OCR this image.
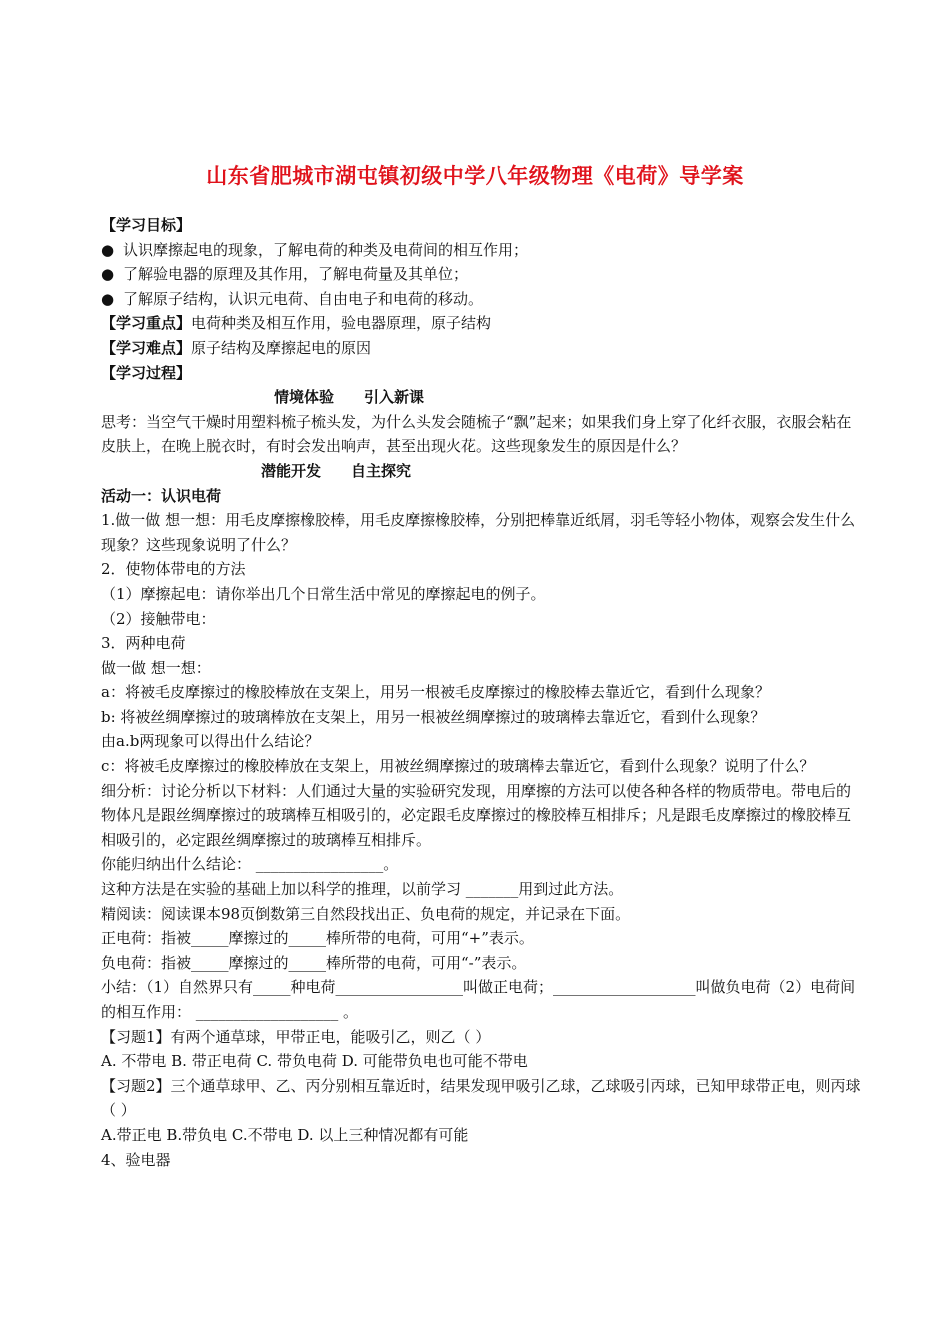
山东省肥城市湖屯镇初级中学八年级物理《电荷》导学案
【学习目标】
● 认识摩擦起电的现象，了解电荷的种类及电荷间的相互作用；
● 了解验电器的原理及其作用，了解电荷量及其单位；
● 了解原子结构，认识元电荷、自由电子和电荷的移动。
【学习重点】电荷种类及相互作用，验电器原理，原子结构
【学习难点】原子结构及摩擦起电的原因
【学习过程】
情境体验 引入新课
思考：当空气干燥时用塑料梳子梳头发，为什么头发会随梳子“飘”起来；如果我们身上穿了化纤衣服，衣服会粘在皮肤上，在晚上脱衣时，有时会发出响声，甚至出现火花。这些现象发生的原因是什么？
潜能开发 自主探究
活动一：认识电荷
1.做一做 想一想：用毛皮摩擦橡胶棒，用毛皮摩擦橡胶棒，分别把棒靠近纸屑，羽毛等轻小物体，观察会发生什么现象？这些现象说明了什么？
2．使物体带电的方法
（1）摩擦起电：请你举出几个日常生活中常见的摩擦起电的例子。
（2）接触带电：
3．两种电荷
做一做 想一想：
a：将被毛皮摩擦过的橡胶棒放在支架上，用另一根被毛皮摩擦过的橡胶棒去靠近它，看到什么现象？
b: 将被丝绸摩擦过的玻璃棒放在支架上，用另一根被丝绸摩擦过的玻璃棒去靠近它，看到什么现象？
由a.b两现象可以得出什么结论？
c：将被毛皮摩擦过的橡胶棒放在支架上，用被丝绸摩擦过的玻璃棒去靠近它，看到什么现象？说明了什么？
细分析：讨论分析以下材料：人们通过大量的实验研究发现，用摩擦的方法可以使各种各样的物质带电。带电后的物体凡是跟丝绸摩擦过的玻璃棒互相吸引的，必定跟毛皮摩擦过的橡胶棒互相排斥；凡是跟毛皮摩擦过的橡胶棒互相吸引的，必定跟丝绸摩擦过的玻璃棒互相排斥。
你能归纳出什么结论： _________________。
这种方法是在实验的基础上加以科学的推理，以前学习 _______用到过此方法。
精阅读：阅读课本98页倒数第三自然段找出正、负电荷的规定，并记录在下面。
正电荷：指被_____摩擦过的_____棒所带的电荷，可用“+”表示。
负电荷：指被_____摩擦过的_____棒所带的电荷，可用“-”表示。
小结：（1）自然界只有_____种电荷_________________叫做正电荷；___________________叫做负电荷（2）电荷间的相互作用： ___________________ 。
【习题1】有两个通草球，甲带正电，能吸引乙，则乙（ ）
A. 不带电 B. 带正电荷 C. 带负电荷 D. 可能带负电也可能不带电
【习题2】三个通草球甲、乙、丙分别相互靠近时，结果发现甲吸引乙球，乙球吸引丙球，已知甲球带正电，则丙球（ ）
A.带正电 B.带负电 C.不带电 D. 以上三种情况都有可能
4、验电器
